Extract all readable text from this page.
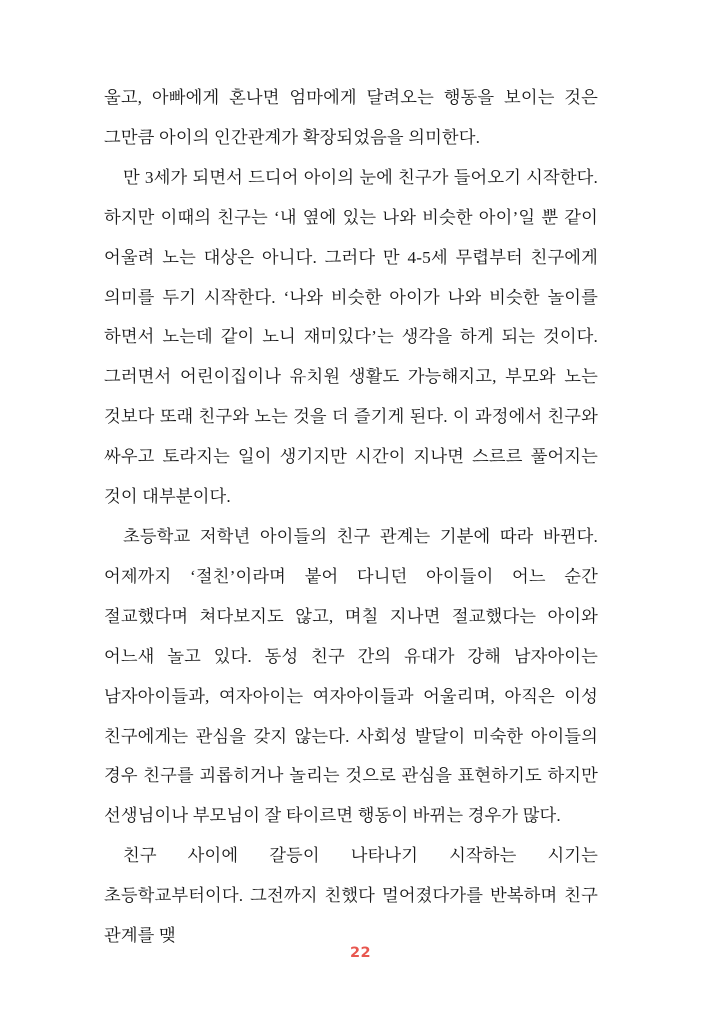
울고, 아빠에게 혼나면 엄마에게 달려오는 행동을 보이는 것은 그만큼 아이의 인간관계가 확장되었음을 의미한다.

만 3세가 되면서 드디어 아이의 눈에 친구가 들어오기 시작한다. 하지만 이때의 친구는 ‘내 옆에 있는 나와 비슷한 아이’일 뿐 같이 어울려 노는 대상은 아니다. 그러다 만 4-5세 무렵부터 친구에게 의미를 두기 시작한다. ‘나와 비슷한 아이가 나와 비슷한 놀이를 하면서 노는데 같이 노니 재미있다’는 생각을 하게 되는 것이다. 그러면서 어린이집이나 유치원 생활도 가능해지고, 부모와 노는 것보다 또래 친구와 노는 것을 더 즐기게 된다. 이 과정에서 친구와 싸우고 토라지는 일이 생기지만 시간이 지나면 스르르 풀어지는 것이 대부분이다.

초등학교 저학년 아이들의 친구 관계는 기분에 따라 바뀐다. 어제까지 ‘절친’이라며 붙어 다니던 아이들이 어느 순간 절교했다며 쳐다보지도 않고, 며칠 지나면 절교했다는 아이와 어느새 놀고 있다. 동성 친구 간의 유대가 강해 남자아이는 남자아이들과, 여자아이는 여자아이들과 어울리며, 아직은 이성 친구에게는 관심을 갖지 않는다. 사회성 발달이 미숙한 아이들의 경우 친구를 괴롭히거나 놀리는 것으로 관심을 표현하기도 하지만 선생님이나 부모님이 잘 타이르면 행동이 바뀌는 경우가 많다.

친구 사이에 갈등이 나타나기 시작하는 시기는 초등학교부터이다. 그전까지 친했다 멀어졌다가를 반복하며 친구 관계를 맺

22
